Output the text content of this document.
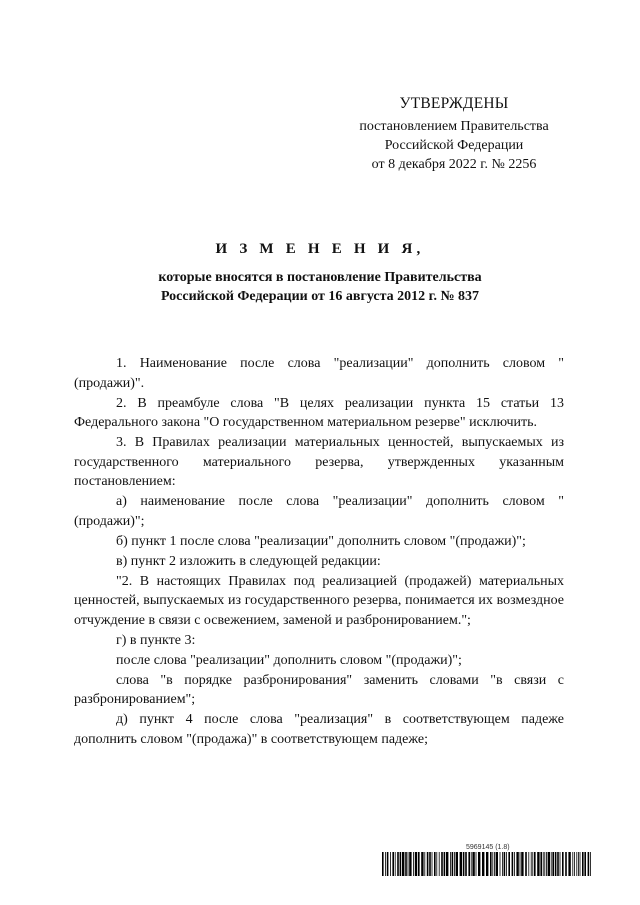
УТВЕРЖДЕНЫ
постановлением Правительства
Российской Федерации
от 8 декабря 2022 г. № 2256
И З М Е Н Е Н И Я,
которые вносятся в постановление Правительства
Российской Федерации от 16 августа 2012 г. № 837

1. Наименование после слова "реализации" дополнить словом "(продажи)".

2. В преамбуле слова "В целях реализации пункта 15 статьи 13 Федерального закона "О государственном материальном резерве" исключить.

3. В Правилах реализации материальных ценностей, выпускаемых из государственного материального резерва, утвержденных указанным постановлением:

а) наименование после слова "реализации" дополнить словом "(продажи)";

б) пункт 1 после слова "реализации" дополнить словом "(продажи)";

в) пункт 2 изложить в следующей редакции:

"2. В настоящих Правилах под реализацией (продажей) материальных ценностей, выпускаемых из государственного резерва, понимается их возмездное отчуждение в связи с освежением, заменой и разбронированием.";

г) в пункте 3:

после слова "реализации" дополнить словом "(продажи)";

слова "в порядке разбронирования" заменить словами "в связи с разбронированием";

д) пункт 4 после слова "реализация" в соответствующем падеже дополнить словом "(продажа)" в соответствующем падеже;

5969145 (1.8)
